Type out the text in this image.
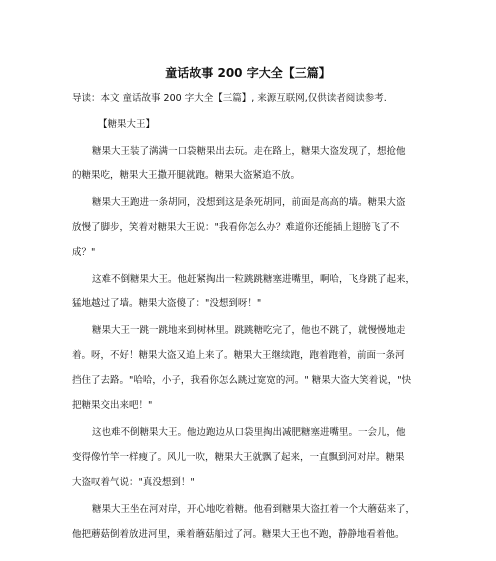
童话故事 200 字大全【三篇】
导读：本文 童话故事 200 字大全【三篇】, 来源互联网,仅供读者阅读参考.
【糖果大王】
糖果大王装了满满一口袋糖果出去玩。走在路上，糖果大盗发现了，想抢他
的糖果吃，糖果大王撒开腿就跑。糖果大盗紧追不放。
糖果大王跑进一条胡同，没想到这是条死胡同，前面是高高的墙。糖果大盗
放慢了脚步，笑着对糖果大王说："我看你怎么办？难道你还能插上翅膀飞了不
成？"
这难不倒糖果大王。他赶紧掏出一粒跳跳糖塞进嘴里，啊哈，飞身跳了起来，
猛地越过了墙。糖果大盗傻了："没想到呀！"
糖果大王一跳一跳地来到树林里。跳跳糖吃完了，他也不跳了，就慢慢地走
着。呀，不好！糖果大盗又追上来了。糖果大王继续跑，跑着跑着，前面一条河
挡住了去路。"哈哈，小子，我看你怎么跳过宽宽的河。" 糖果大盗大笑着说，"快
把糖果交出来吧！"
这也难不倒糖果大王。他边跑边从口袋里掏出减肥糖塞进嘴里。一会儿，他
变得像竹竿一样瘦了。风儿一吹，糖果大王就飘了起来，一直飘到河对岸。糖果
大盗叹着气说："真没想到！"
糖果大王坐在河对岸，开心地吃着糖。他看到糖果大盗扛着一个大蘑菇来了，
他把蘑菇倒着放进河里，乘着蘑菇船过了河。糖果大王也不跑，静静地看着他。
